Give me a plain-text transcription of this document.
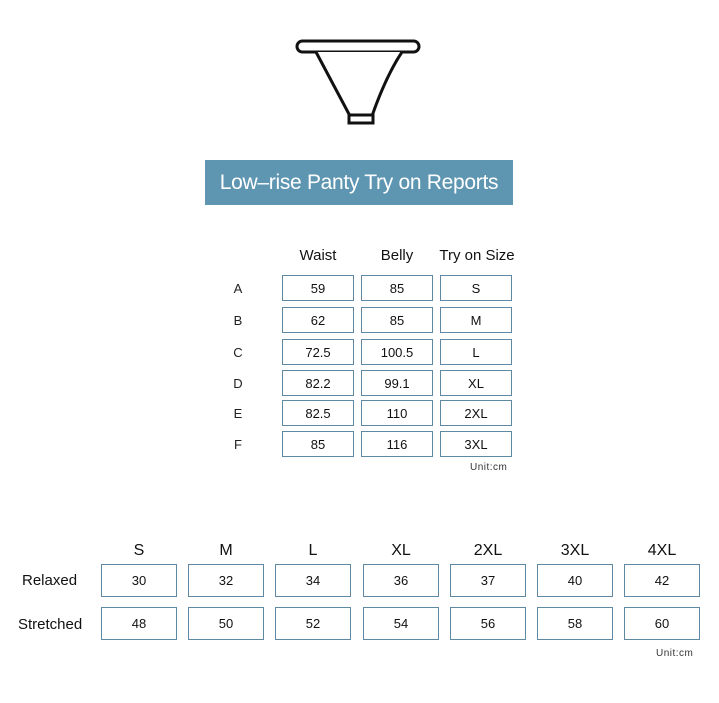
Low–rise Panty Try on Reports
Waist	Belly	Try on Size
A	59	85	S
B	62	85	M
C	72.5	100.5	L
D	82.2	99.1	XL
E	82.5	110	2XL
F	85	116	3XL
Unit:cm
S	M	L	XL	2XL	3XL	4XL
Relaxed	30	32	34	36	37	40	42
Stretched	48	50	52	54	56	58	60
Unit:cm
